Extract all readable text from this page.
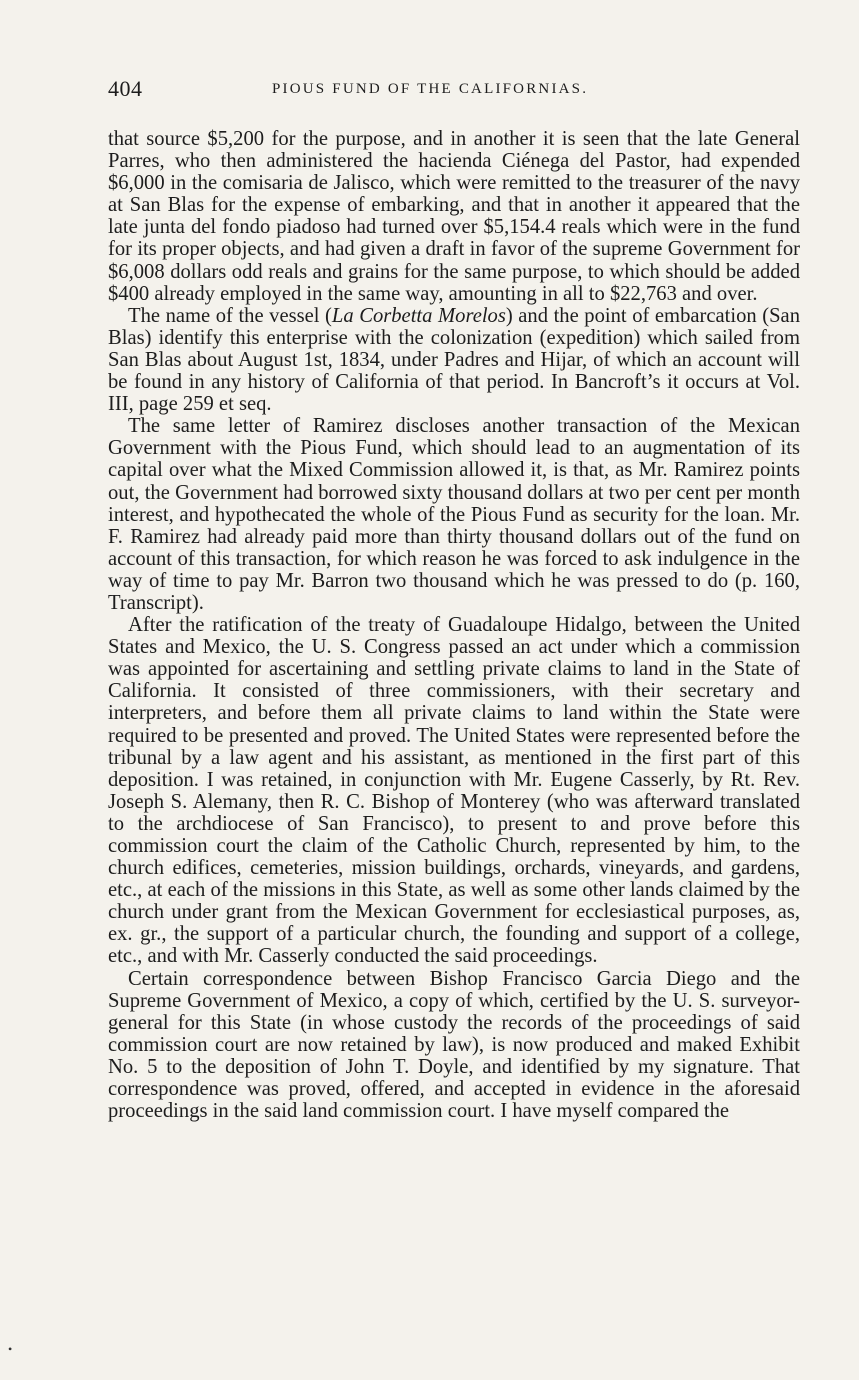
404	PIOUS FUND OF THE CALIFORNIAS.

that source $5,200 for the purpose, and in another it is seen that the late General Parres, who then administered the hacienda Ciénega del Pastor, had expended $6,000 in the comisaria de Jalisco, which were remitted to the treasurer of the navy at San Blas for the expense of embarking, and that in another it appeared that the late junta del fondo piadoso had turned over $5,154.4 reals which were in the fund for its proper objects, and had given a draft in favor of the supreme Government for $6,008 dollars odd reals and grains for the same purpose, to which should be added $400 already employed in the same way, amounting in all to $22,763 and over.

The name of the vessel (La Corbetta Morelos) and the point of embarcation (San Blas) identify this enterprise with the colonization (expedition) which sailed from San Blas about August 1st, 1834, under Padres and Hijar, of which an account will be found in any history of California of that period. In Bancroft’s it occurs at Vol. III, page 259 et seq.

The same letter of Ramirez discloses another transaction of the Mexican Government with the Pious Fund, which should lead to an augmentation of its capital over what the Mixed Commission allowed it, is that, as Mr. Ramirez points out, the Government had borrowed sixty thousand dollars at two per cent per month interest, and hypothecated the whole of the Pious Fund as security for the loan. Mr. F. Ramirez had already paid more than thirty thousand dollars out of the fund on account of this transaction, for which reason he was forced to ask indulgence in the way of time to pay Mr. Barron two thousand which he was pressed to do (p. 160, Transcript).

After the ratification of the treaty of Guadaloupe Hidalgo, between the United States and Mexico, the U. S. Congress passed an act under which a commission was appointed for ascertaining and settling private claims to land in the State of California. It consisted of three commissioners, with their secretary and interpreters, and before them all private claims to land within the State were required to be presented and proved. The United States were represented before the tribunal by a law agent and his assistant, as mentioned in the first part of this deposition. I was retained, in conjunction with Mr. Eugene Casserly, by Rt. Rev. Joseph S. Alemany, then R. C. Bishop of Monterey (who was afterward translated to the archdiocese of San Francisco), to present to and prove before this commission court the claim of the Catholic Church, represented by him, to the church edifices, cemeteries, mission buildings, orchards, vineyards, and gardens, etc., at each of the missions in this State, as well as some other lands claimed by the church under grant from the Mexican Government for ecclesiastical purposes, as, ex. gr., the support of a particular church, the founding and support of a college, etc., and with Mr. Casserly conducted the said proceedings.

Certain correspondence between Bishop Francisco Garcia Diego and the Supreme Government of Mexico, a copy of which, certified by the U. S. surveyor-general for this State (in whose custody the records of the proceedings of said commission court are now retained by law), is now produced and maked Exhibit No. 5 to the deposition of John T. Doyle, and identified by my signature. That correspondence was proved, offered, and accepted in evidence in the aforesaid proceedings in the said land commission court. I have myself compared the

•
